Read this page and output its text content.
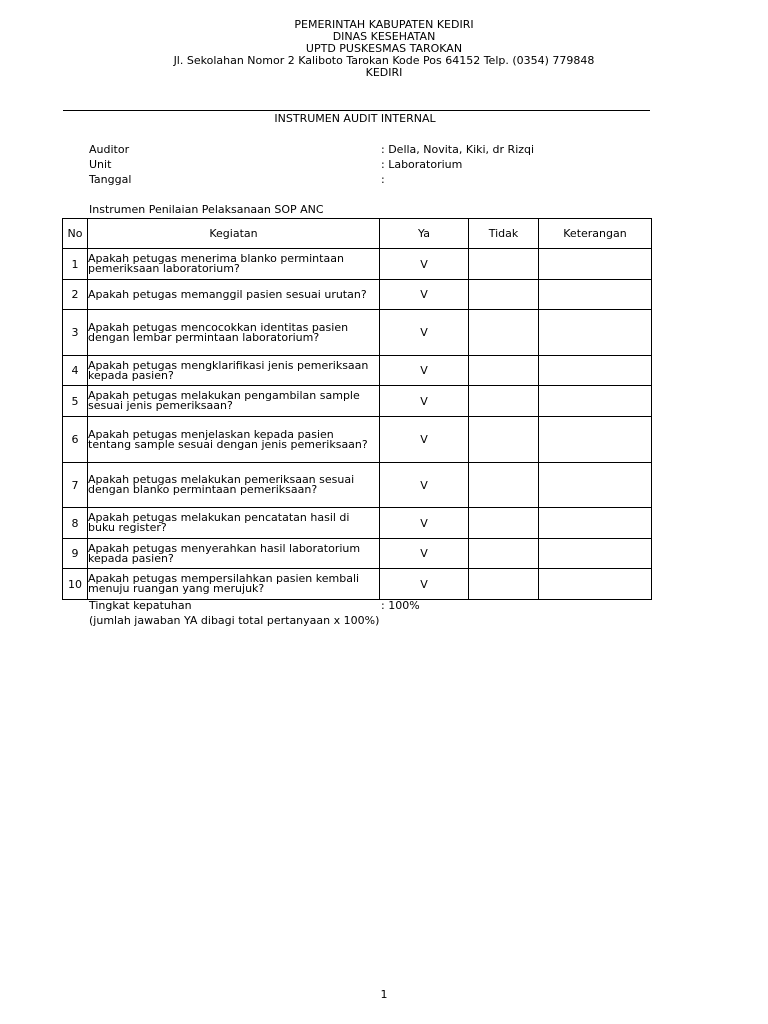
PEMERINTAH KABUPATEN KEDIRI
DINAS KESEHATAN
UPTD PUSKESMAS TAROKAN
Jl. Sekolahan Nomor 2 Kaliboto Tarokan Kode Pos 64152 Telp. (0354) 779848
KEDIRI
INSTRUMEN AUDIT INTERNAL
Auditor	: Della, Novita, Kiki, dr Rizqi
Unit	: Laboratorium
Tanggal	:
Instrumen Penilaian Pelaksanaan SOP ANC
No	Kegiatan	Ya	Tidak	Keterangan
1	Apakah petugas menerima blanko permintaan pemeriksaan laboratorium?	V		
2	Apakah petugas memanggil pasien sesuai urutan?	V		
3	Apakah petugas mencocokkan identitas pasien dengan lembar permintaan laboratorium?	V		
4	Apakah petugas mengklarifikasi jenis pemeriksaan kepada pasien?	V		
5	Apakah petugas melakukan pengambilan sample sesuai jenis pemeriksaan?	V		
6	Apakah petugas menjelaskan kepada pasien tentang sample sesuai dengan jenis pemeriksaan?	V		
7	Apakah petugas melakukan pemeriksaan sesuai dengan blanko permintaan pemeriksaan?	V		
8	Apakah petugas melakukan pencatatan hasil di buku register?	V		
9	Apakah petugas menyerahkan hasil laboratorium kepada pasien?	V		
10	Apakah petugas mempersilahkan pasien kembali menuju ruangan yang merujuk?	V		
Tingkat kepatuhan	: 100%
(jumlah jawaban YA dibagi total pertanyaan x 100%)
1
